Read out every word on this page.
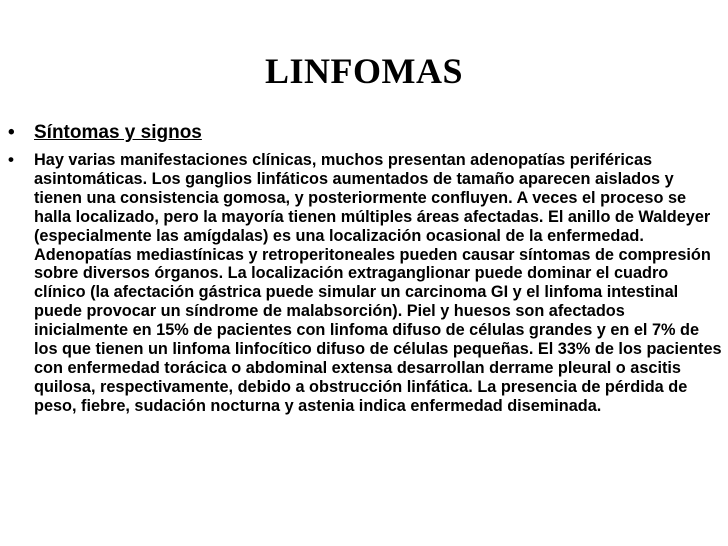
LINFOMAS
• Síntomas y signos
• Hay varias manifestaciones clínicas, muchos presentan adenopatías periféricas asintomáticas. Los ganglios linfáticos aumentados de tamaño aparecen aislados y tienen una consistencia gomosa, y posteriormente confluyen. A veces el proceso se halla localizado, pero la mayoría tienen múltiples áreas afectadas. El anillo de Waldeyer (especialmente las amígdalas) es una localización ocasional de la enfermedad. Adenopatías mediastínicas y retroperitoneales pueden causar síntomas de compresión sobre diversos órganos. La localización extraganglionar puede dominar el cuadro clínico (la afectación gástrica puede simular un carcinoma GI y el linfoma intestinal puede provocar un síndrome de malabsorción). Piel y huesos son afectados inicialmente en 15% de pacientes con linfoma difuso de células grandes y en el 7% de los que tienen un linfoma linfocítico difuso de células pequeñas. El 33% de los pacientes con enfermedad torácica o abdominal extensa desarrollan derrame pleural o ascitis quilosa, respectivamente, debido a obstrucción linfática. La presencia de pérdida de peso, fiebre, sudación nocturna y astenia indica enfermedad diseminada.
